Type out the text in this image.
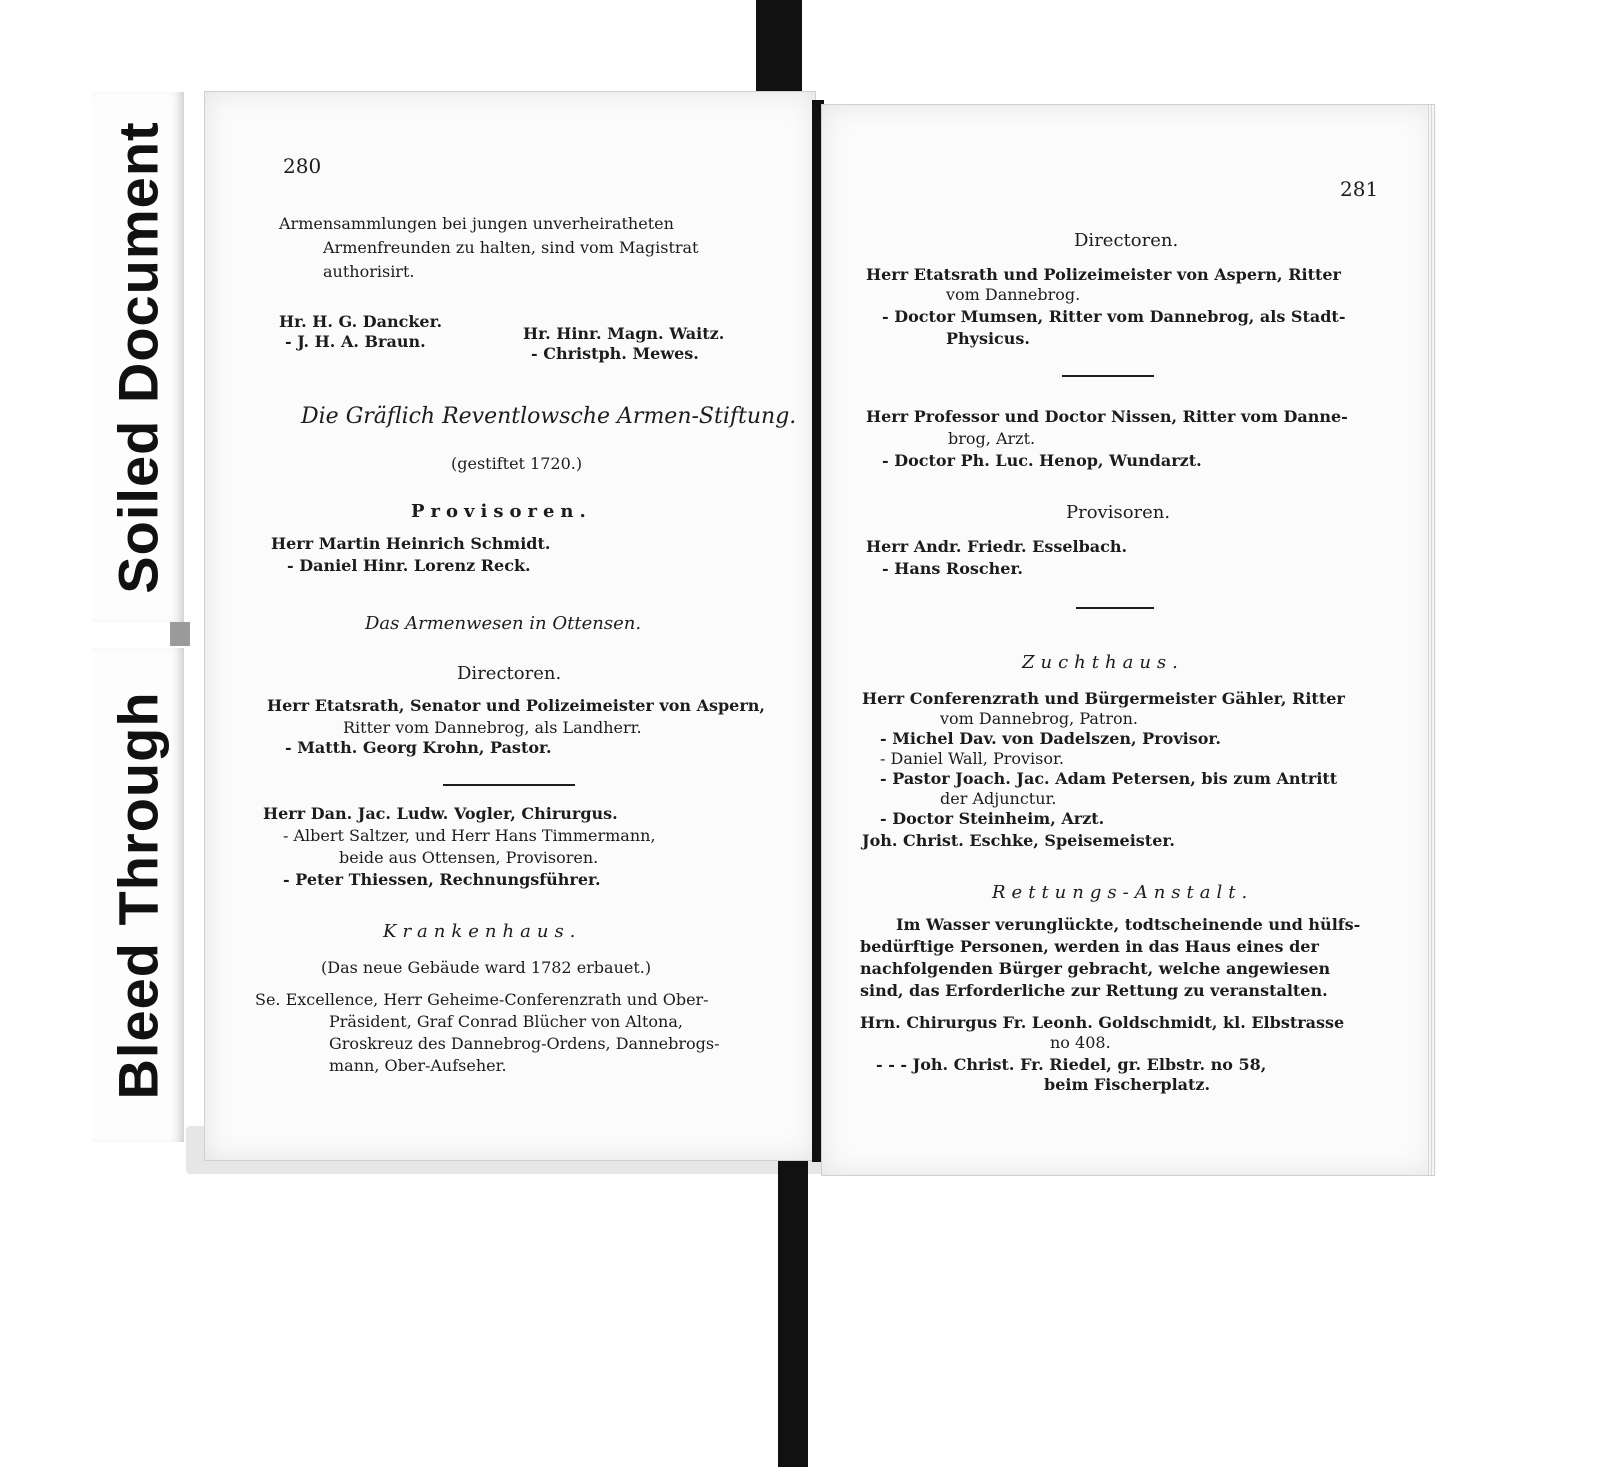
Soiled Document
Bleed Through
280
Armensammlungen bei jungen unverheiratheten
Armenfreunden zu halten, sind vom Magistrat
authorisirt.
Hr. H. G. Dancker.
- J. H. A. Braun.	Hr. Hinr. Magn. Waitz.
- Christph. Mewes.
Die Gräflich Reventlowsche Armen-Stiftung.
(gestiftet 1720.)
Provisoren.
Herr Martin Heinrich Schmidt.
- Daniel Hinr. Lorenz Reck.
Das Armenwesen in Ottensen.
Directoren.
Herr Etatsrath, Senator und Polizeimeister von Aspern,
Ritter vom Dannebrog, als Landherr.
- Matth. Georg Krohn, Pastor.
Herr Dan. Jac. Ludw. Vogler, Chirurgus.
- Albert Saltzer, und Herr Hans Timmermann,
beide aus Ottensen, Provisoren.
- Peter Thiessen, Rechnungsführer.
Krankenhaus.
(Das neue Gebäude ward 1782 erbauet.)
Se. Excellence, Herr Geheime-Conferenzrath und Ober-
Präsident, Graf Conrad Blücher von Altona,
Groskreuz des Dannebrog-Ordens, Dannebrogs-
mann, Ober-Aufseher.
281
Directoren.
Herr Etatsrath und Polizeimeister von Aspern, Ritter
vom Dannebrog.
- Doctor Mumsen, Ritter vom Dannebrog, als Stadt-
Physicus.
Herr Professor und Doctor Nissen, Ritter vom Danne-
brog, Arzt.
- Doctor Ph. Luc. Henop, Wundarzt.
Provisoren.
Herr Andr. Friedr. Esselbach.
- Hans Roscher.
Zuchthaus.
Herr Conferenzrath und Bürgermeister Gähler, Ritter
vom Dannebrog, Patron.
- Michel Dav. von Dadelszen, Provisor.
- Daniel Wall, Provisor.
- Pastor Joach. Jac. Adam Petersen, bis zum Antritt
der Adjunctur.
- Doctor Steinheim, Arzt.
Joh. Christ. Eschke, Speisemeister.
Rettungs-Anstalt.
Im Wasser verunglückte, todtscheinende und hülfs-
bedürftige Personen, werden in das Haus eines der
nachfolgenden Bürger gebracht, welche angewiesen
sind, das Erforderliche zur Rettung zu veranstalten.
Hrn. Chirurgus Fr. Leonh. Goldschmidt, kl. Elbstrasse
no 408.
- - - Joh. Christ. Fr. Riedel, gr. Elbstr. no 58,
beim Fischerplatz.
